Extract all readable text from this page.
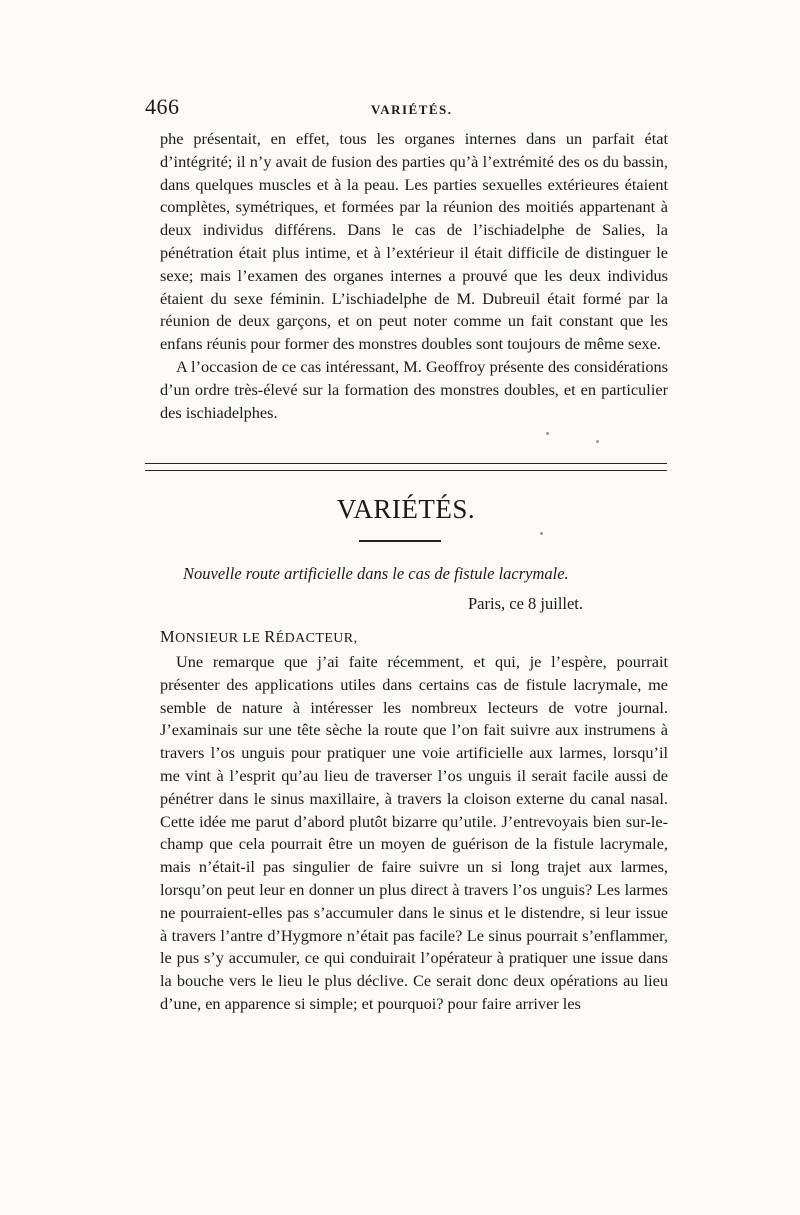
466	VARIÉTÉS.

phe présentait, en effet, tous les organes internes dans un parfait état d’intégrité; il n’y avait de fusion des parties qu’à l’extrémité des os du bassin, dans quelques muscles et à la peau. Les parties sexuelles extérieures étaient complètes, symétriques, et formées par la réunion des moitiés appartenant à deux individus différens. Dans le cas de l’ischiadelphe de Salies, la pénétration était plus intime, et à l’extérieur il était difficile de distinguer le sexe; mais l’examen des organes internes a prouvé que les deux individus étaient du sexe féminin. L’ischiadelphe de M. Dubreuil était formé par la réunion de deux garçons, et on peut noter comme un fait constant que les enfans réunis pour former des monstres doubles sont toujours de même sexe.

A l’occasion de ce cas intéressant, M. Geoffroy présente des considérations d’un ordre très-élevé sur la formation des monstres doubles, et en particulier des ischiadelphes.

VARIÉTÉS.
Nouvelle route artificielle dans le cas de fistule lacrymale.
Paris, ce 8 juillet.
MONSIEUR LE RÉDACTEUR,

Une remarque que j’ai faite récemment, et qui, je l’espère, pourrait présenter des applications utiles dans certains cas de fistule lacrymale, me semble de nature à intéresser les nombreux lecteurs de votre journal. J’examinais sur une tête sèche la route que l’on fait suivre aux instrumens à travers l’os unguis pour pratiquer une voie artificielle aux larmes, lorsqu’il me vint à l’esprit qu’au lieu de traverser l’os unguis il serait facile aussi de pénétrer dans le sinus maxillaire, à travers la cloison externe du canal nasal. Cette idée me parut d’abord plutôt bizarre qu’utile. J’entrevoyais bien sur-le-champ que cela pourrait être un moyen de guérison de la fistule lacrymale, mais n’était-il pas singulier de faire suivre un si long trajet aux larmes, lorsqu’on peut leur en donner un plus direct à travers l’os unguis? Les larmes ne pourraient-elles pas s’accumuler dans le sinus et le distendre, si leur issue à travers l’antre d’Hygmore n’était pas facile? Le sinus pourrait s’enflammer, le pus s’y accumuler, ce qui conduirait l’opérateur à pratiquer une issue dans la bouche vers le lieu le plus déclive. Ce serait donc deux opérations au lieu d’une, en apparence si simple; et pourquoi? pour faire arriver les
